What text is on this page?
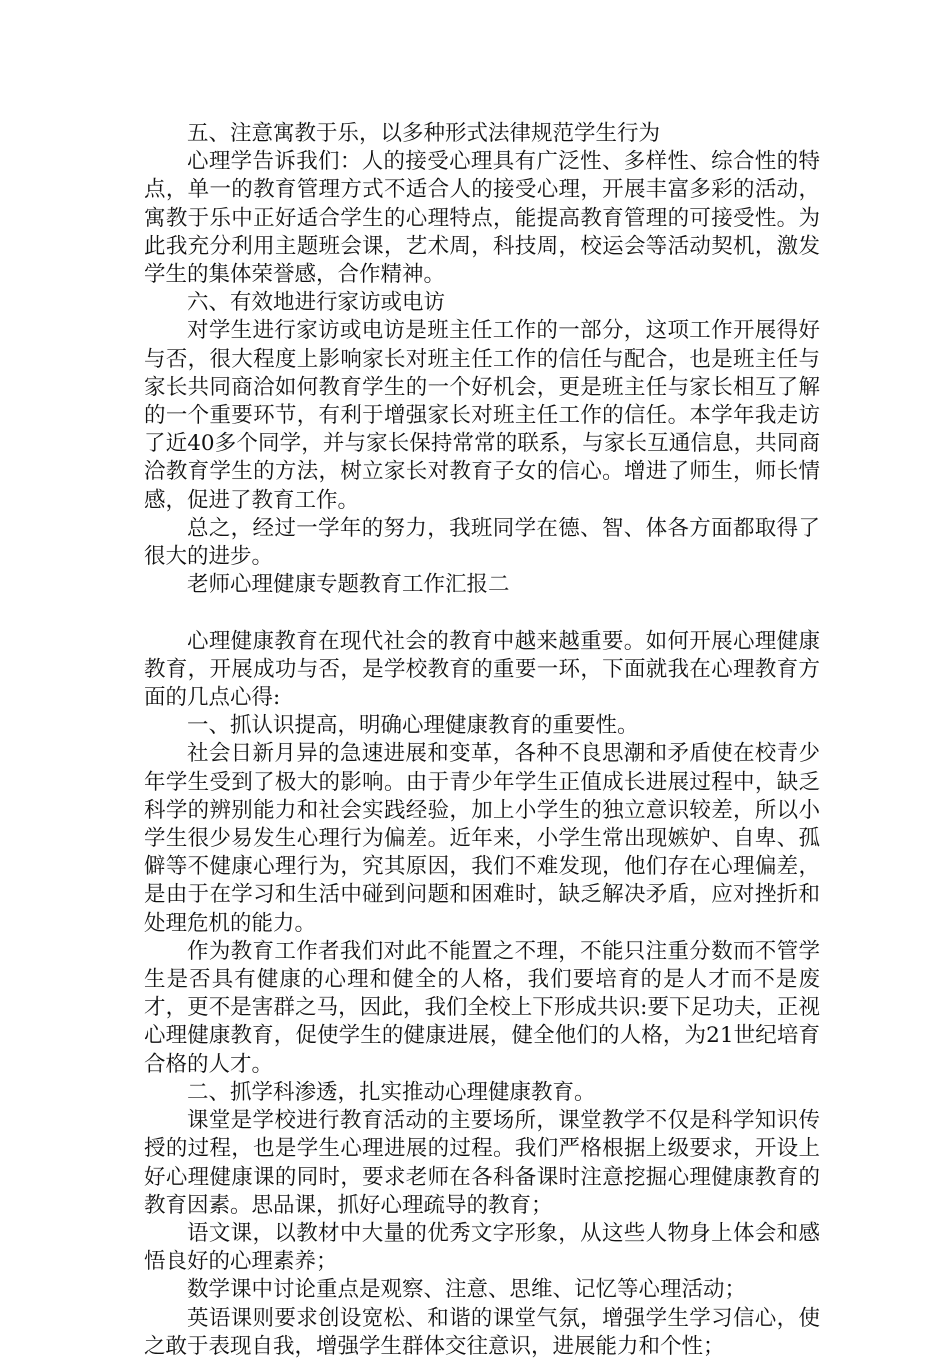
五、注意寓教于乐，以多种形式法律规范学生行为

心理学告诉我们：人的接受心理具有广泛性、多样性、综合性的特点，单一的教育管理方式不适合人的接受心理，开展丰富多彩的活动，寓教于乐中正好适合学生的心理特点，能提高教育管理的可接受性。为此我充分利用主题班会课，艺术周，科技周，校运会等活动契机，激发学生的集体荣誉感，合作精神。

六、有效地进行家访或电访

对学生进行家访或电访是班主任工作的一部分，这项工作开展得好与否，很大程度上影响家长对班主任工作的信任与配合，也是班主任与家长共同商洽如何教育学生的一个好机会，更是班主任与家长相互了解的一个重要环节，有利于增强家长对班主任工作的信任。本学年我走访了近40多个同学，并与家长保持常常的联系，与家长互通信息，共同商洽教育学生的方法，树立家长对教育子女的信心。增进了师生，师长情感，促进了教育工作。

总之，经过一学年的努力，我班同学在德、智、体各方面都取得了很大的进步。

老师心理健康专题教育工作汇报二

心理健康教育在现代社会的教育中越来越重要。如何开展心理健康教育，开展成功与否，是学校教育的重要一环，下面就我在心理教育方面的几点心得:

一、抓认识提高，明确心理健康教育的重要性。

社会日新月异的急速进展和变革，各种不良思潮和矛盾使在校青少年学生受到了极大的影响。由于青少年学生正值成长进展过程中，缺乏科学的辨别能力和社会实践经验，加上小学生的独立意识较差，所以小学生很少易发生心理行为偏差。近年来，小学生常出现嫉妒、自卑、孤僻等不健康心理行为，究其原因，我们不难发现，他们存在心理偏差，是由于在学习和生活中碰到问题和困难时，缺乏解决矛盾，应对挫折和处理危机的能力。

作为教育工作者我们对此不能置之不理，不能只注重分数而不管学生是否具有健康的心理和健全的人格，我们要培育的是人才而不是废才，更不是害群之马，因此，我们全校上下形成共识:要下足功夫，正视心理健康教育，促使学生的健康进展，健全他们的人格，为21世纪培育合格的人才。

二、抓学科渗透，扎实推动心理健康教育。

课堂是学校进行教育活动的主要场所，课堂教学不仅是科学知识传授的过程，也是学生心理进展的过程。我们严格根据上级要求，开设上好心理健康课的同时，要求老师在各科备课时注意挖掘心理健康教育的教育因素。思品课，抓好心理疏导的教育；

语文课，以教材中大量的优秀文字形象，从这些人物身上体会和感悟良好的心理素养；

数学课中讨论重点是观察、注意、思维、记忆等心理活动；

英语课则要求创设宽松、和谐的课堂气氛，增强学生学习信心，使之敢于表现自我，增强学生群体交往意识，进展能力和个性；
